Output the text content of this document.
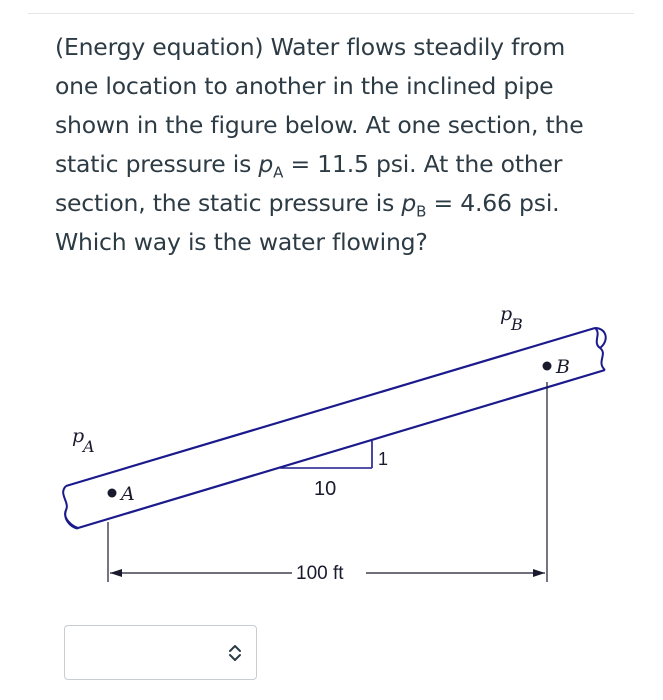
(Energy equation) Water flows steadily from one location to another in the inclined pipe shown in the figure below. At one section, the static pressure is $p_A = 11.5$ psi. At the other section, the static pressure is $p_B = 4.66$ psi. Which way is the water flowing?
10
1
A
B
p
A
p
B
100 ft
